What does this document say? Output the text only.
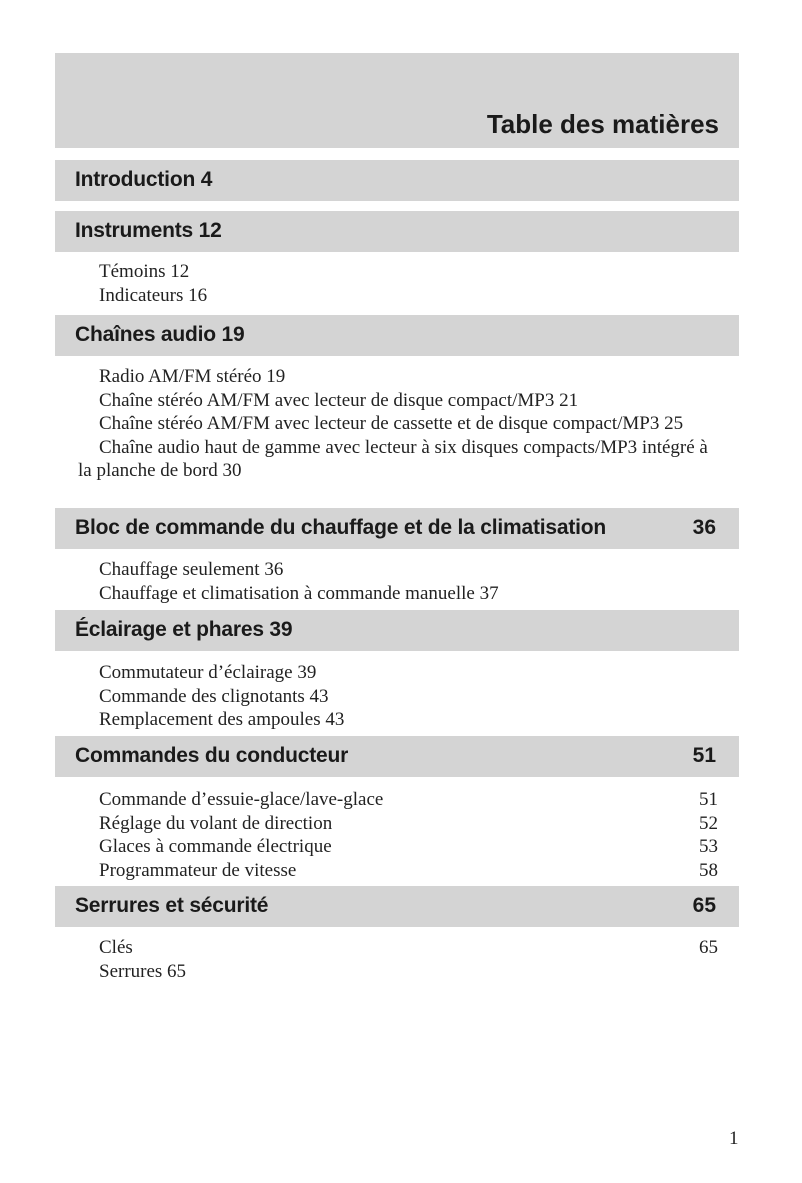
Table des matières
Introduction 4
Instruments 12
Témoins 12
Indicateurs 16
Chaînes audio 19
Radio AM/FM stéréo 19
Chaîne stéréo AM/FM avec lecteur de disque compact/MP3 21
Chaîne stéréo AM/FM avec lecteur de cassette et de disque compact/MP3 25
Chaîne audio haut de gamme avec lecteur à six disques compacts/MP3 intégré à la planche de bord 30
Bloc de commande du chauffage et de la climatisation	36
Chauffage seulement 36
Chauffage et climatisation à commande manuelle 37
Éclairage et phares 39
Commutateur d’éclairage 39
Commande des clignotants 43
Remplacement des ampoules 43
Commandes du conducteur	51
Commande d’essuie-glace/lave-glace	51
Réglage du volant de direction	52
Glaces à commande électrique	53
Programmateur de vitesse	58
Serrures et sécurité	65
Clés	65
Serrures 65
1
